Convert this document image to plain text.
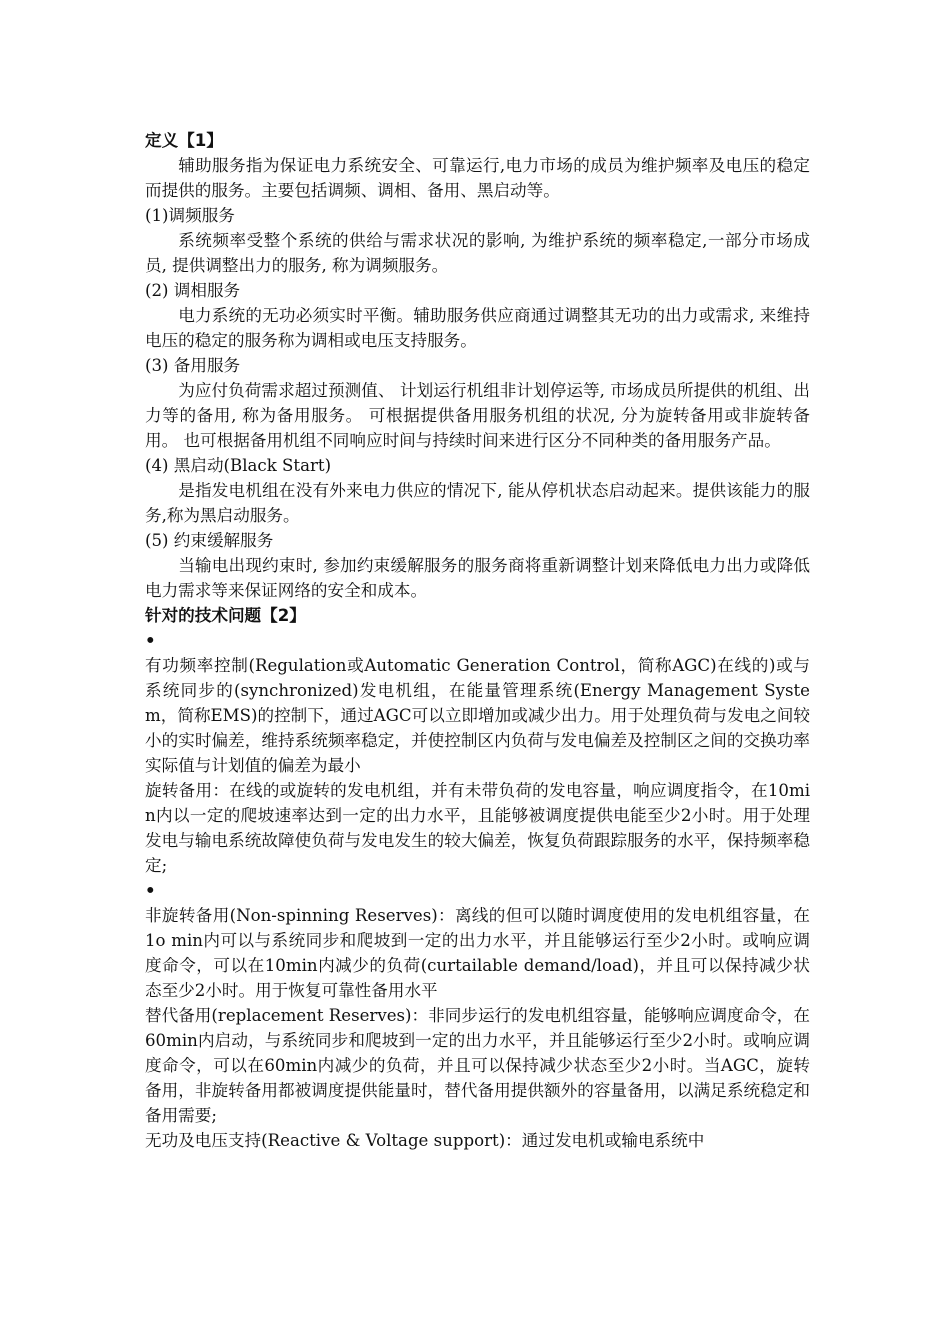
定义【1】

辅助服务指为保证电力系统安全、可靠运行,电力市场的成员为维护频率及电压的稳定而提供的服务。主要包括调频、调相、备用、黑启动等。

(1)调频服务

系统频率受整个系统的供给与需求状况的影响, 为维护系统的频率稳定,一部分市场成员, 提供调整出力的服务, 称为调频服务。

(2) 调相服务

电力系统的无功必须实时平衡。辅助服务供应商通过调整其无功的出力或需求, 来维持电压的稳定的服务称为调相或电压支持服务。

(3) 备用服务

为应付负荷需求超过预测值、 计划运行机组非计划停运等, 市场成员所提供的机组、出力等的备用, 称为备用服务。 可根据提供备用服务机组的状况, 分为旋转备用或非旋转备用。 也可根据备用机组不同响应时间与持续时间来进行区分不同种类的备用服务产品。

(4) 黑启动(Black Start)

是指发电机组在没有外来电力供应的情况下, 能从停机状态启动起来。提供该能力的服务,称为黑启动服务。

(5) 约束缓解服务

当输电出现约束时, 参加约束缓解服务的服务商将重新调整计划来降低电力出力或降低电力需求等来保证网络的安全和成本。

针对的技术问题【2】

•

有功频率控制(Regulation或Automatic Generation Control，简称AGC)在线的)或与系统同步的(synchronized)发电机组，在能量管理系统(Energy Management System，简称EMS)的控制下，通过AGC可以立即增加或减少出力。用于处理负荷与发电之间较小的实时偏差，维持系统频率稳定，并使控制区内负荷与发电偏差及控制区之间的交换功率实际值与计划值的偏差为最小

旋转备用：在线的或旋转的发电机组，并有未带负荷的发电容量，响应调度指令，在10min内以一定的爬坡速率达到一定的出力水平，且能够被调度提供电能至少2小时。用于处理发电与输电系统故障使负荷与发电发生的较大偏差，恢复负荷跟踪服务的水平，保持频率稳定;

•

非旋转备用(Non-spinning Reserves)：离线的但可以随时调度使用的发电机组容量，在1o min内可以与系统同步和爬坡到一定的出力水平，并且能够运行至少2小时。或响应调度命令，可以在10min内减少的负荷(curtailable demand/load)，并且可以保持减少状态至少2小时。用于恢复可靠性备用水平

替代备用(replacement Reserves)：非同步运行的发电机组容量，能够响应调度命令，在60min内启动，与系统同步和爬坡到一定的出力水平，并且能够运行至少2小时。或响应调度命令，可以在60min内减少的负荷，并且可以保持减少状态至少2小时。当AGC，旋转备用，非旋转备用都被调度提供能量时，替代备用提供额外的容量备用，以满足系统稳定和备用需要;

无功及电压支持(Reactive & Voltage support)：通过发电机或输电系统中
